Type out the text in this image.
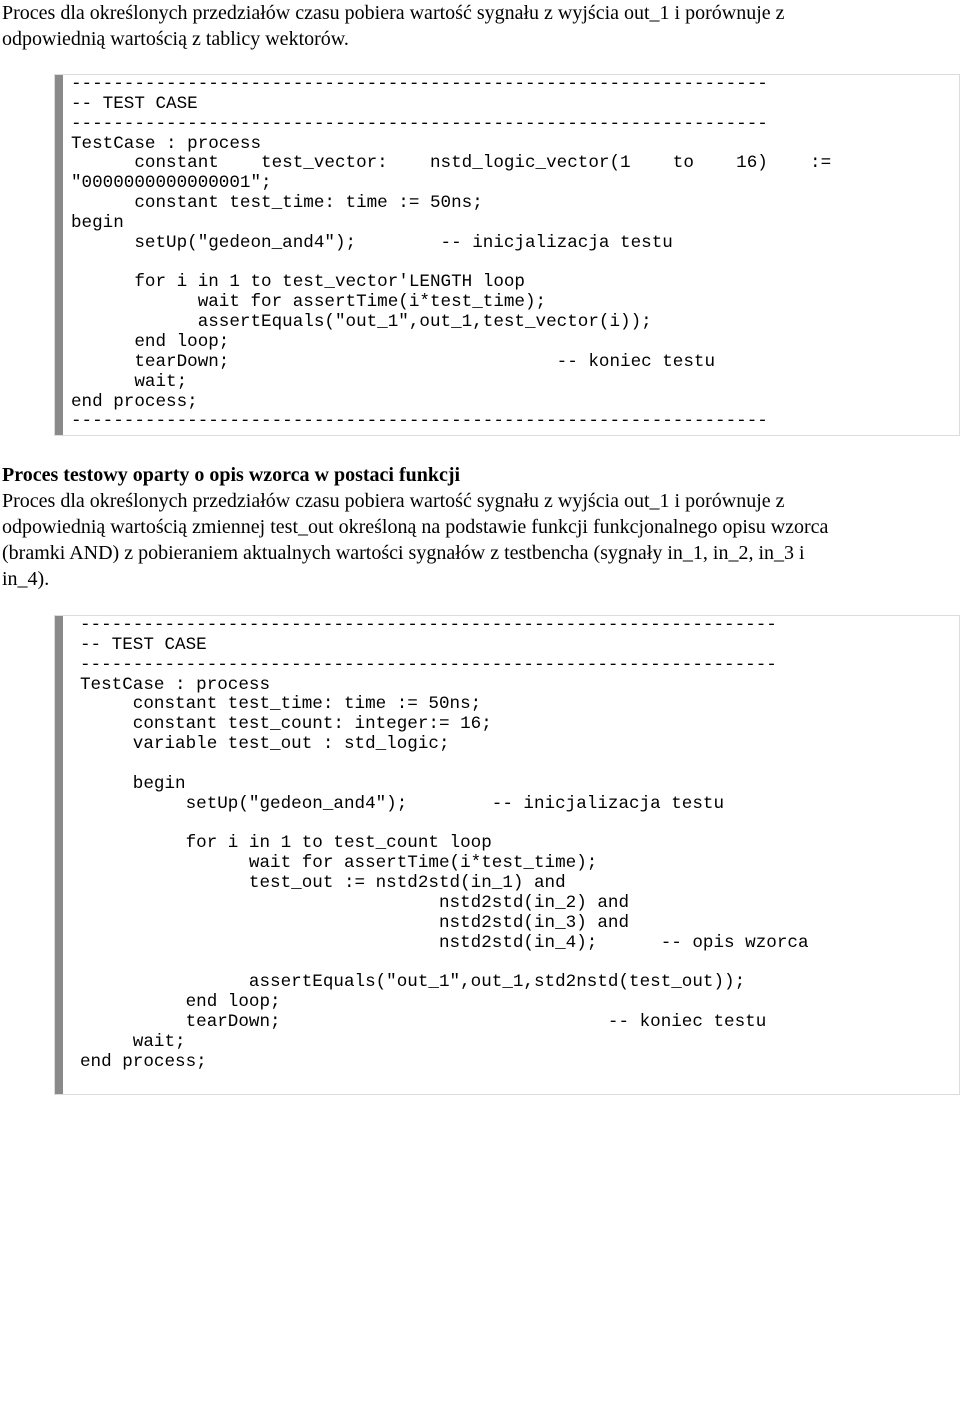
Proces dla określonych przedziałów czasu pobiera wartość sygnału z wyjścia out_1 i porównuje z
odpowiednią wartością z tablicy wektorów.

------------------------------------------------------------------
-- TEST CASE
------------------------------------------------------------------
TestCase : process
constant    test_vector:    nstd_logic_vector(1    to    16)    :=
"0000000000000001";
constant test_time: time := 50ns;
begin
setUp("gedeon_and4");        -- inicjalizacja testu
for i in 1 to test_vector'LENGTH loop
wait for assertTime(i*test_time);
assertEquals("out_1",out_1,test_vector(i));
end loop;
tearDown;                               -- koniec testu
wait;
end process;
------------------------------------------------------------------

Proces testowy oparty o opis wzorca w postaci funkcji

Proces dla określonych przedziałów czasu pobiera wartość sygnału z wyjścia out_1 i porównuje z
odpowiednią wartością zmiennej test_out określoną na podstawie funkcji funkcjonalnego opisu wzorca
(bramki AND) z pobieraniem aktualnych wartości sygnałów z testbencha (sygnały in_1, in_2, in_3 i
in_4).

------------------------------------------------------------------
-- TEST CASE
------------------------------------------------------------------
TestCase : process
constant test_time: time := 50ns;
constant test_count: integer:= 16;
variable test_out : std_logic;
begin
setUp("gedeon_and4");        -- inicjalizacja testu
for i in 1 to test_count loop
wait for assertTime(i*test_time);
test_out := nstd2std(in_1) and
nstd2std(in_2) and
nstd2std(in_3) and
nstd2std(in_4);      -- opis wzorca
assertEquals("out_1",out_1,std2nstd(test_out));
end loop;
tearDown;                               -- koniec testu
wait;
end process;
